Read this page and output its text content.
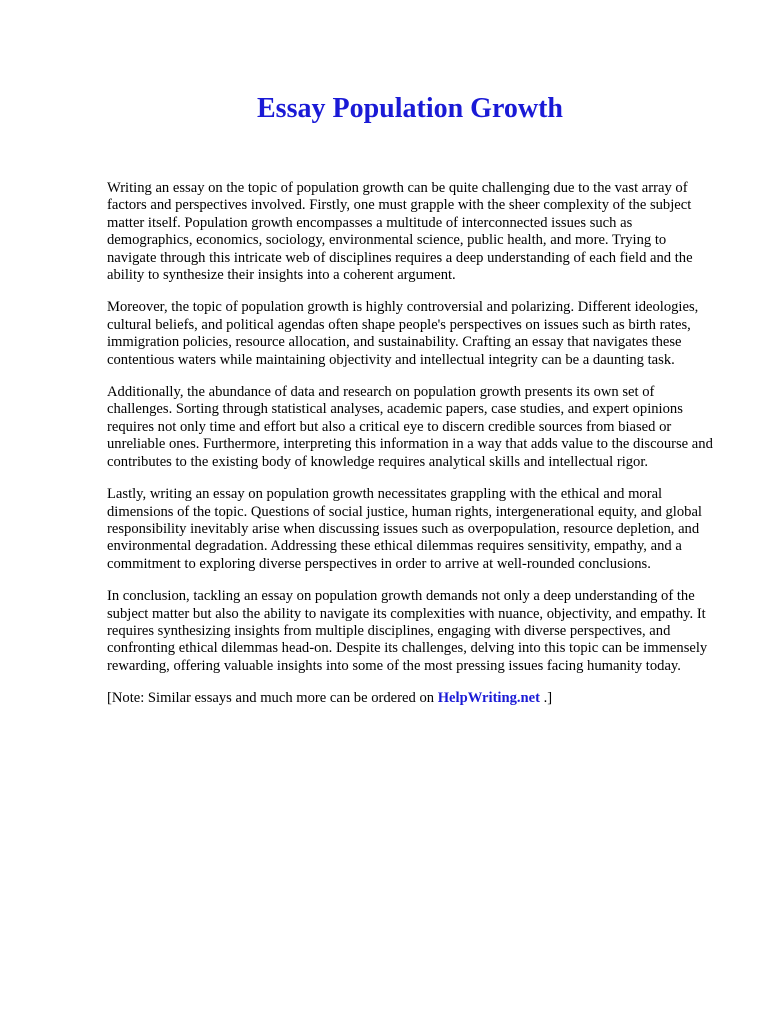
Essay Population Growth

Writing an essay on the topic of population growth can be quite challenging due to the vast array of factors and perspectives involved. Firstly, one must grapple with the sheer complexity of the subject matter itself. Population growth encompasses a multitude of interconnected issues such as demographics, economics, sociology, environmental science, public health, and more. Trying to navigate through this intricate web of disciplines requires a deep understanding of each field and the ability to synthesize their insights into a coherent argument.

Moreover, the topic of population growth is highly controversial and polarizing. Different ideologies, cultural beliefs, and political agendas often shape people's perspectives on issues such as birth rates, immigration policies, resource allocation, and sustainability. Crafting an essay that navigates these contentious waters while maintaining objectivity and intellectual integrity can be a daunting task.

Additionally, the abundance of data and research on population growth presents its own set of challenges. Sorting through statistical analyses, academic papers, case studies, and expert opinions requires not only time and effort but also a critical eye to discern credible sources from biased or unreliable ones. Furthermore, interpreting this information in a way that adds value to the discourse and contributes to the existing body of knowledge requires analytical skills and intellectual rigor.

Lastly, writing an essay on population growth necessitates grappling with the ethical and moral dimensions of the topic. Questions of social justice, human rights, intergenerational equity, and global responsibility inevitably arise when discussing issues such as overpopulation, resource depletion, and environmental degradation. Addressing these ethical dilemmas requires sensitivity, empathy, and a commitment to exploring diverse perspectives in order to arrive at well-rounded conclusions.

In conclusion, tackling an essay on population growth demands not only a deep understanding of the subject matter but also the ability to navigate its complexities with nuance, objectivity, and empathy. It requires synthesizing insights from multiple disciplines, engaging with diverse perspectives, and confronting ethical dilemmas head-on. Despite its challenges, delving into this topic can be immensely rewarding, offering valuable insights into some of the most pressing issues facing humanity today.

[Note: Similar essays and much more can be ordered on HelpWriting.net .]
